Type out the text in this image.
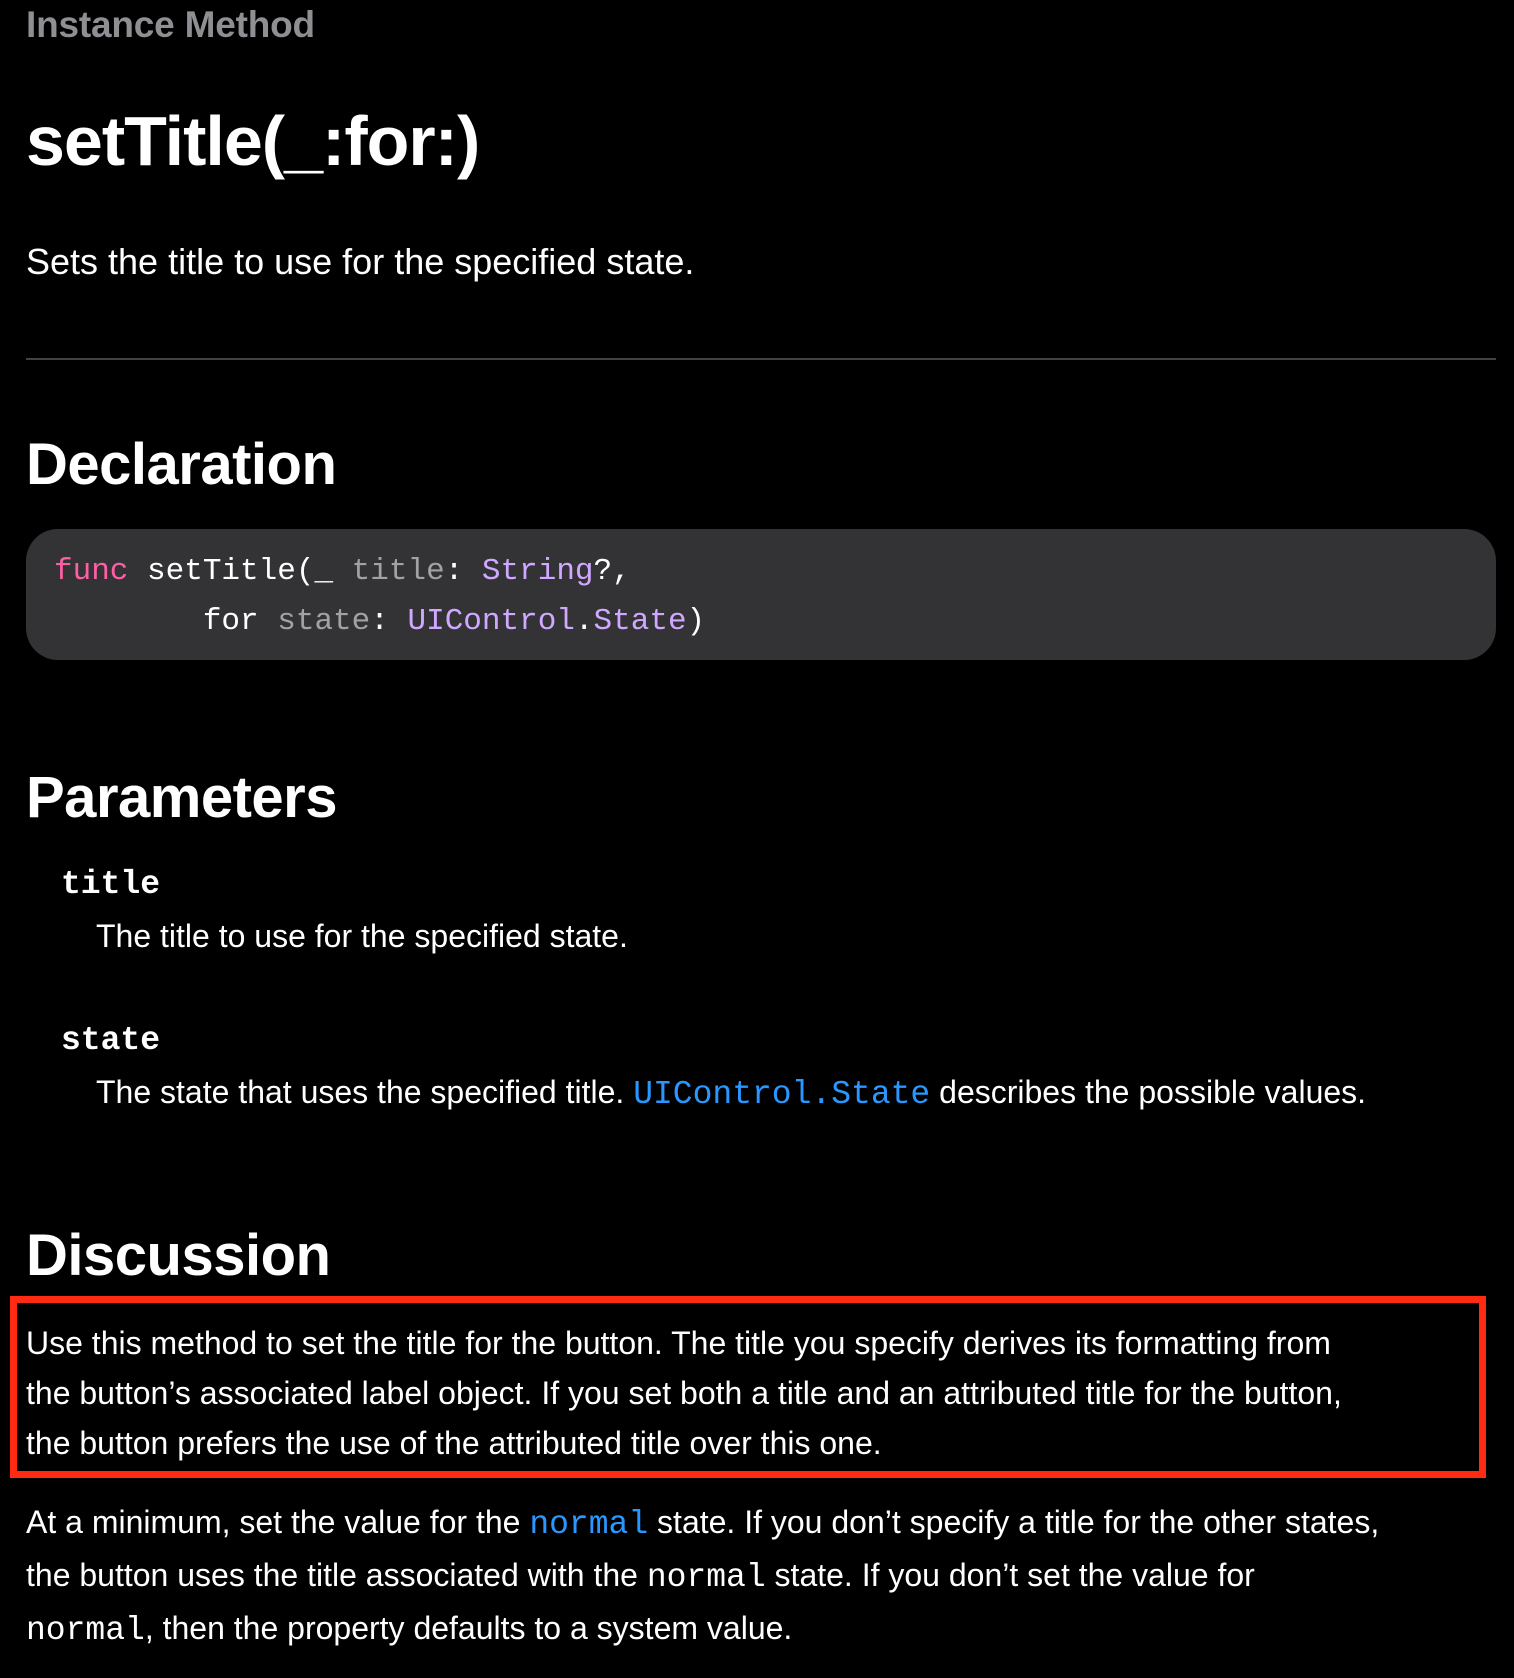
Instance Method
setTitle(_:for:)
Sets the title to use for the specified state.
Declaration
func setTitle(_ title: String?,
for state: UIControl.State)
Parameters
title
The title to use for the specified state.
state
The state that uses the specified title. UIControl.State describes the possible values.
Discussion
Use this method to set the title for the button. The title you specify derives its formatting from
the button’s associated label object. If you set both a title and an attributed title for the button,
the button prefers the use of the attributed title over this one.
At a minimum, set the value for the normal state. If you don’t specify a title for the other states,
the button uses the title associated with the normal state. If you don’t set the value for
normal, then the property defaults to a system value.
